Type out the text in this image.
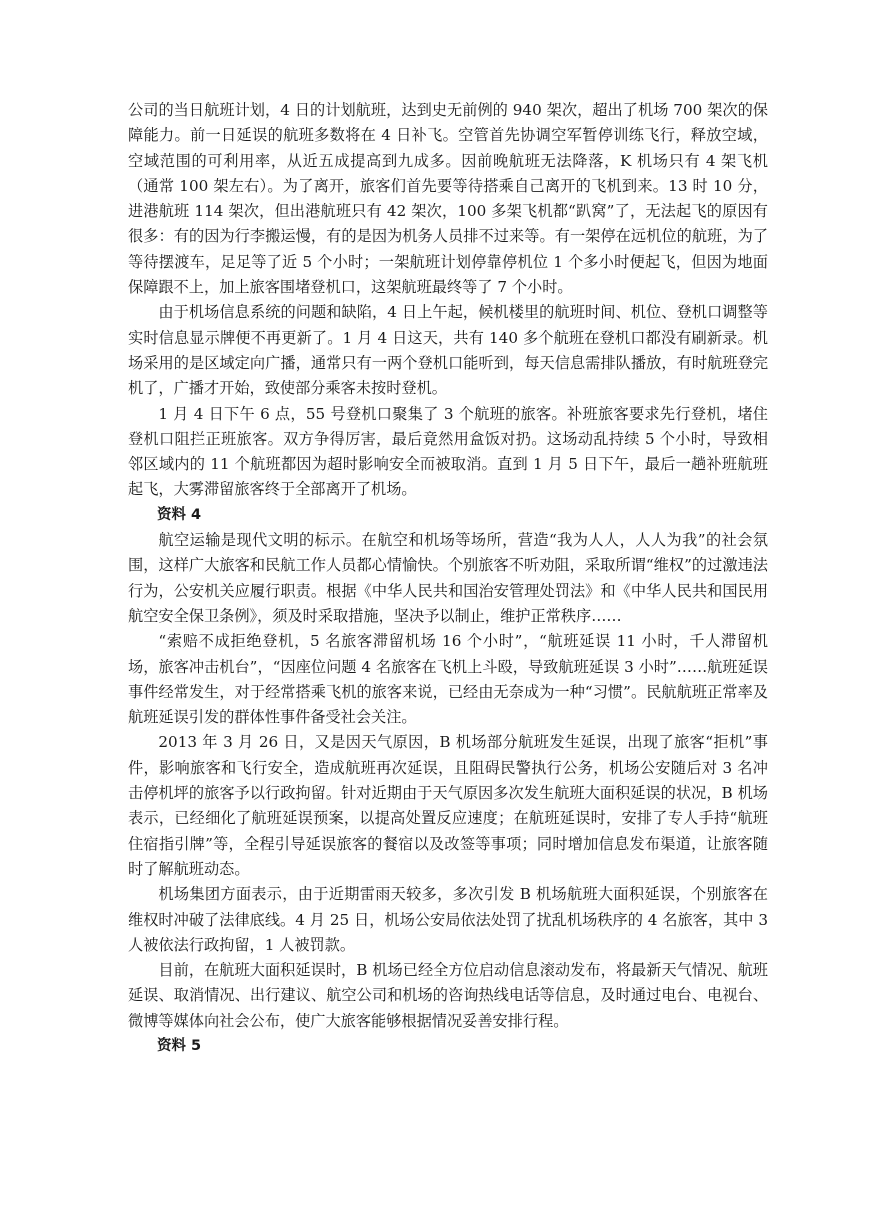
公司的当日航班计划，4 日的计划航班，达到史无前例的 940 架次，超出了机场 700 架次的保障能力。前一日延误的航班多数将在 4 日补飞。空管首先协调空军暂停训练飞行，释放空域，空域范围的可利用率，从近五成提高到九成多。因前晚航班无法降落，K 机场只有 4 架飞机（通常 100 架左右）。为了离开，旅客们首先要等待搭乘自己离开的飞机到来。13 时 10 分，进港航班 114 架次，但出港航班只有 42 架次，100 多架飞机都“趴窝”了，无法起飞的原因有很多：有的因为行李搬运慢，有的是因为机务人员排不过来等。有一架停在远机位的航班，为了等待摆渡车，足足等了近 5 个小时；一架航班计划停靠停机位 1 个多小时便起飞，但因为地面保障跟不上，加上旅客围堵登机口，这架航班最终等了 7 个小时。

由于机场信息系统的问题和缺陷，4 日上午起，候机楼里的航班时间、机位、登机口调整等实时信息显示牌便不再更新了。1 月 4 日这天，共有 140 多个航班在登机口都没有刷新录。机场采用的是区域定向广播，通常只有一两个登机口能听到，每天信息需排队播放，有时航班登完机了，广播才开始，致使部分乘客未按时登机。

1 月 4 日下午 6 点，55 号登机口聚集了 3 个航班的旅客。补班旅客要求先行登机，堵住登机口阻拦正班旅客。双方争得厉害，最后竟然用盒饭对扔。这场动乱持续 5 个小时，导致相邻区域内的 11 个航班都因为超时影响安全而被取消。直到 1 月 5 日下午，最后一趟补班航班起飞，大雾滞留旅客终于全部离开了机场。

资料 4

航空运输是现代文明的标示。在航空和机场等场所，营造“我为人人，人人为我”的社会氛围，这样广大旅客和民航工作人员都心情愉快。个别旅客不听劝阻，采取所谓“维权”的过激违法行为，公安机关应履行职责。根据《中华人民共和国治安管理处罚法》和《中华人民共和国民用航空安全保卫条例》，须及时采取措施，坚决予以制止，维护正常秩序……

“索赔不成拒绝登机，5 名旅客滞留机场 16 个小时”，“航班延误 11 小时，千人滞留机场，旅客冲击机台”，“因座位问题 4 名旅客在飞机上斗殴，导致航班延误 3 小时”……航班延误事件经常发生，对于经常搭乘飞机的旅客来说，已经由无奈成为一种“习惯”。民航航班正常率及航班延误引发的群体性事件备受社会关注。

2013 年 3 月 26 日，又是因天气原因，B 机场部分航班发生延误，出现了旅客“拒机”事件，影响旅客和飞行安全，造成航班再次延误，且阻碍民警执行公务，机场公安随后对 3 名冲击停机坪的旅客予以行政拘留。针对近期由于天气原因多次发生航班大面积延误的状况，B 机场表示，已经细化了航班延误预案，以提高处置反应速度；在航班延误时，安排了专人手持“航班住宿指引牌”等，全程引导延误旅客的餐宿以及改签等事项；同时增加信息发布渠道，让旅客随时了解航班动态。

机场集团方面表示，由于近期雷雨天较多，多次引发 B 机场航班大面积延误，个别旅客在维权时冲破了法律底线。4 月 25 日，机场公安局依法处罚了扰乱机场秩序的 4 名旅客，其中 3 人被依法行政拘留，1 人被罚款。

目前，在航班大面积延误时，B 机场已经全方位启动信息滚动发布，将最新天气情况、航班延误、取消情况、出行建议、航空公司和机场的咨询热线电话等信息，及时通过电台、电视台、微博等媒体向社会公布，使广大旅客能够根据情况妥善安排行程。

资料 5
